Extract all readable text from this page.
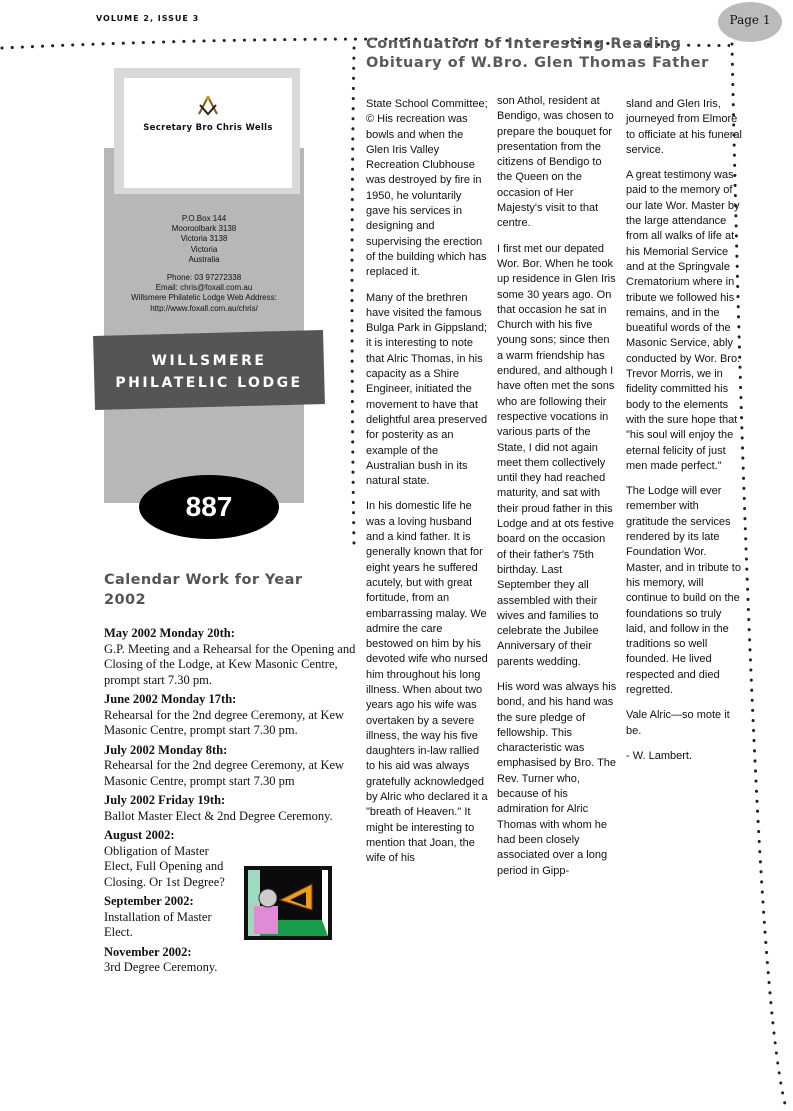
VOLUME 2, ISSUE 3	Page 1
Continuation of Interesting Reading
Obituary of W.Bro. Glen Thomas Father
Secretary Bro Chris Wells
P.O.Box 144
Mooroolbark 3138
Victoria 3138
Victoria
Australia
Phone: 03 97272338
Email: chris@foxall.com.au
Willsmere Philatelic Lodge Web Address:
http://www.foxall.com.au/chris/
WILLSMERE
PHILATELIC LODGE
887
Calendar Work for Year 2002
May 2002 Monday 20th:
G.P. Meeting and a Rehearsal for the Opening and Closing of the Lodge, at Kew Masonic Centre, prompt start 7.30 pm.
June 2002 Monday 17th:
Rehearsal for the 2nd degree Ceremony, at Kew Masonic Centre, prompt start 7.30 pm.
July 2002 Monday 8th:
Rehearsal for the 2nd degree Ceremony, at Kew Masonic Centre, prompt start 7.30 pm
July 2002 Friday 19th:
Ballot Master Elect & 2nd Degree Ceremony.
August 2002:
Obligation of Master Elect, Full Opening and Closing. Or 1st Degree?
September 2002:
Installation of Master Elect.
November 2002:
3rd Degree Ceremony.

State School Committee; © His recreation was bowls and when the Glen Iris Valley Recreation Clubhouse was destroyed by fire in 1950, he voluntarily gave his services in designing and supervising the erection of the building which has replaced it.

Many of the brethren have visited the famous Bulga Park in Gippsland; it is interesting to note that Alric Thomas, in his capacity as a Shire Engineer, initiated the movement to have that delightful area preserved for posterity as an example of the Australian bush in its natural state.

In his domestic life he was a loving husband and a kind father. It is generally known that for eight years he suffered acutely, but with great fortitude, from an embarrassing malay. We admire the care bestowed on him by his devoted wife who nursed him throughout his long illness. When about two years ago his wife was overtaken by a severe illness, the way his five daughters in-law rallied to his aid was always gratefully acknowledged by Alric who declared it a "breath of Heaven." It might be interesting to mention that Joan, the wife of his

son Athol, resident at Bendigo, was chosen to prepare the bouquet for presentation from the citizens of Bendigo to the Queen on the occasion of Her Majesty's visit to that centre.

I first met our depated Wor. Bor. When he took up residence in Glen Iris some 30 years ago. On that occasion he sat in Church with his five young sons; since then a warm friendship has endured, and although I have often met the sons who are following their respective vocations in various parts of the State, I did not again meet them collectively until they had reached maturity, and sat with their proud father in this Lodge and at ots festive board on the occasion of their father's 75th birthday. Last September they all assembled with their wives and families to celebrate the Jubilee Anniversary of their parents wedding.

His word was always his bond, and his hand was the sure pledge of fellowship. This characteristic was emphasised by Bro. The Rev. Turner who, because of his admiration for Alric Thomas with whom he had been closely associated over a long period in Gipp-

sland and Glen Iris, journeyed from Elmore to officiate at his funeral service.

A great testimony was paid to the memory of our late Wor. Master by the large attendance from all walks of life at his Memorial Service and at the Springvale Crematorium where in tribute we followed his remains, and in the bueatiful words of the Masonic Service, ably conducted by Wor. Bro. Trevor Morris, we in fidelity committed his body to the elements with the sure hope that "his soul will enjoy the eternal felicity of just men made perfect."

The Lodge will ever remember with gratitude the services rendered by its late Foundation Wor. Master, and in tribute to his memory, will continue to build on the foundations so truly laid, and follow in the traditions so well founded. He lived respected and died regretted.

Vale Alric—so mote it be.

- W. Lambert.
